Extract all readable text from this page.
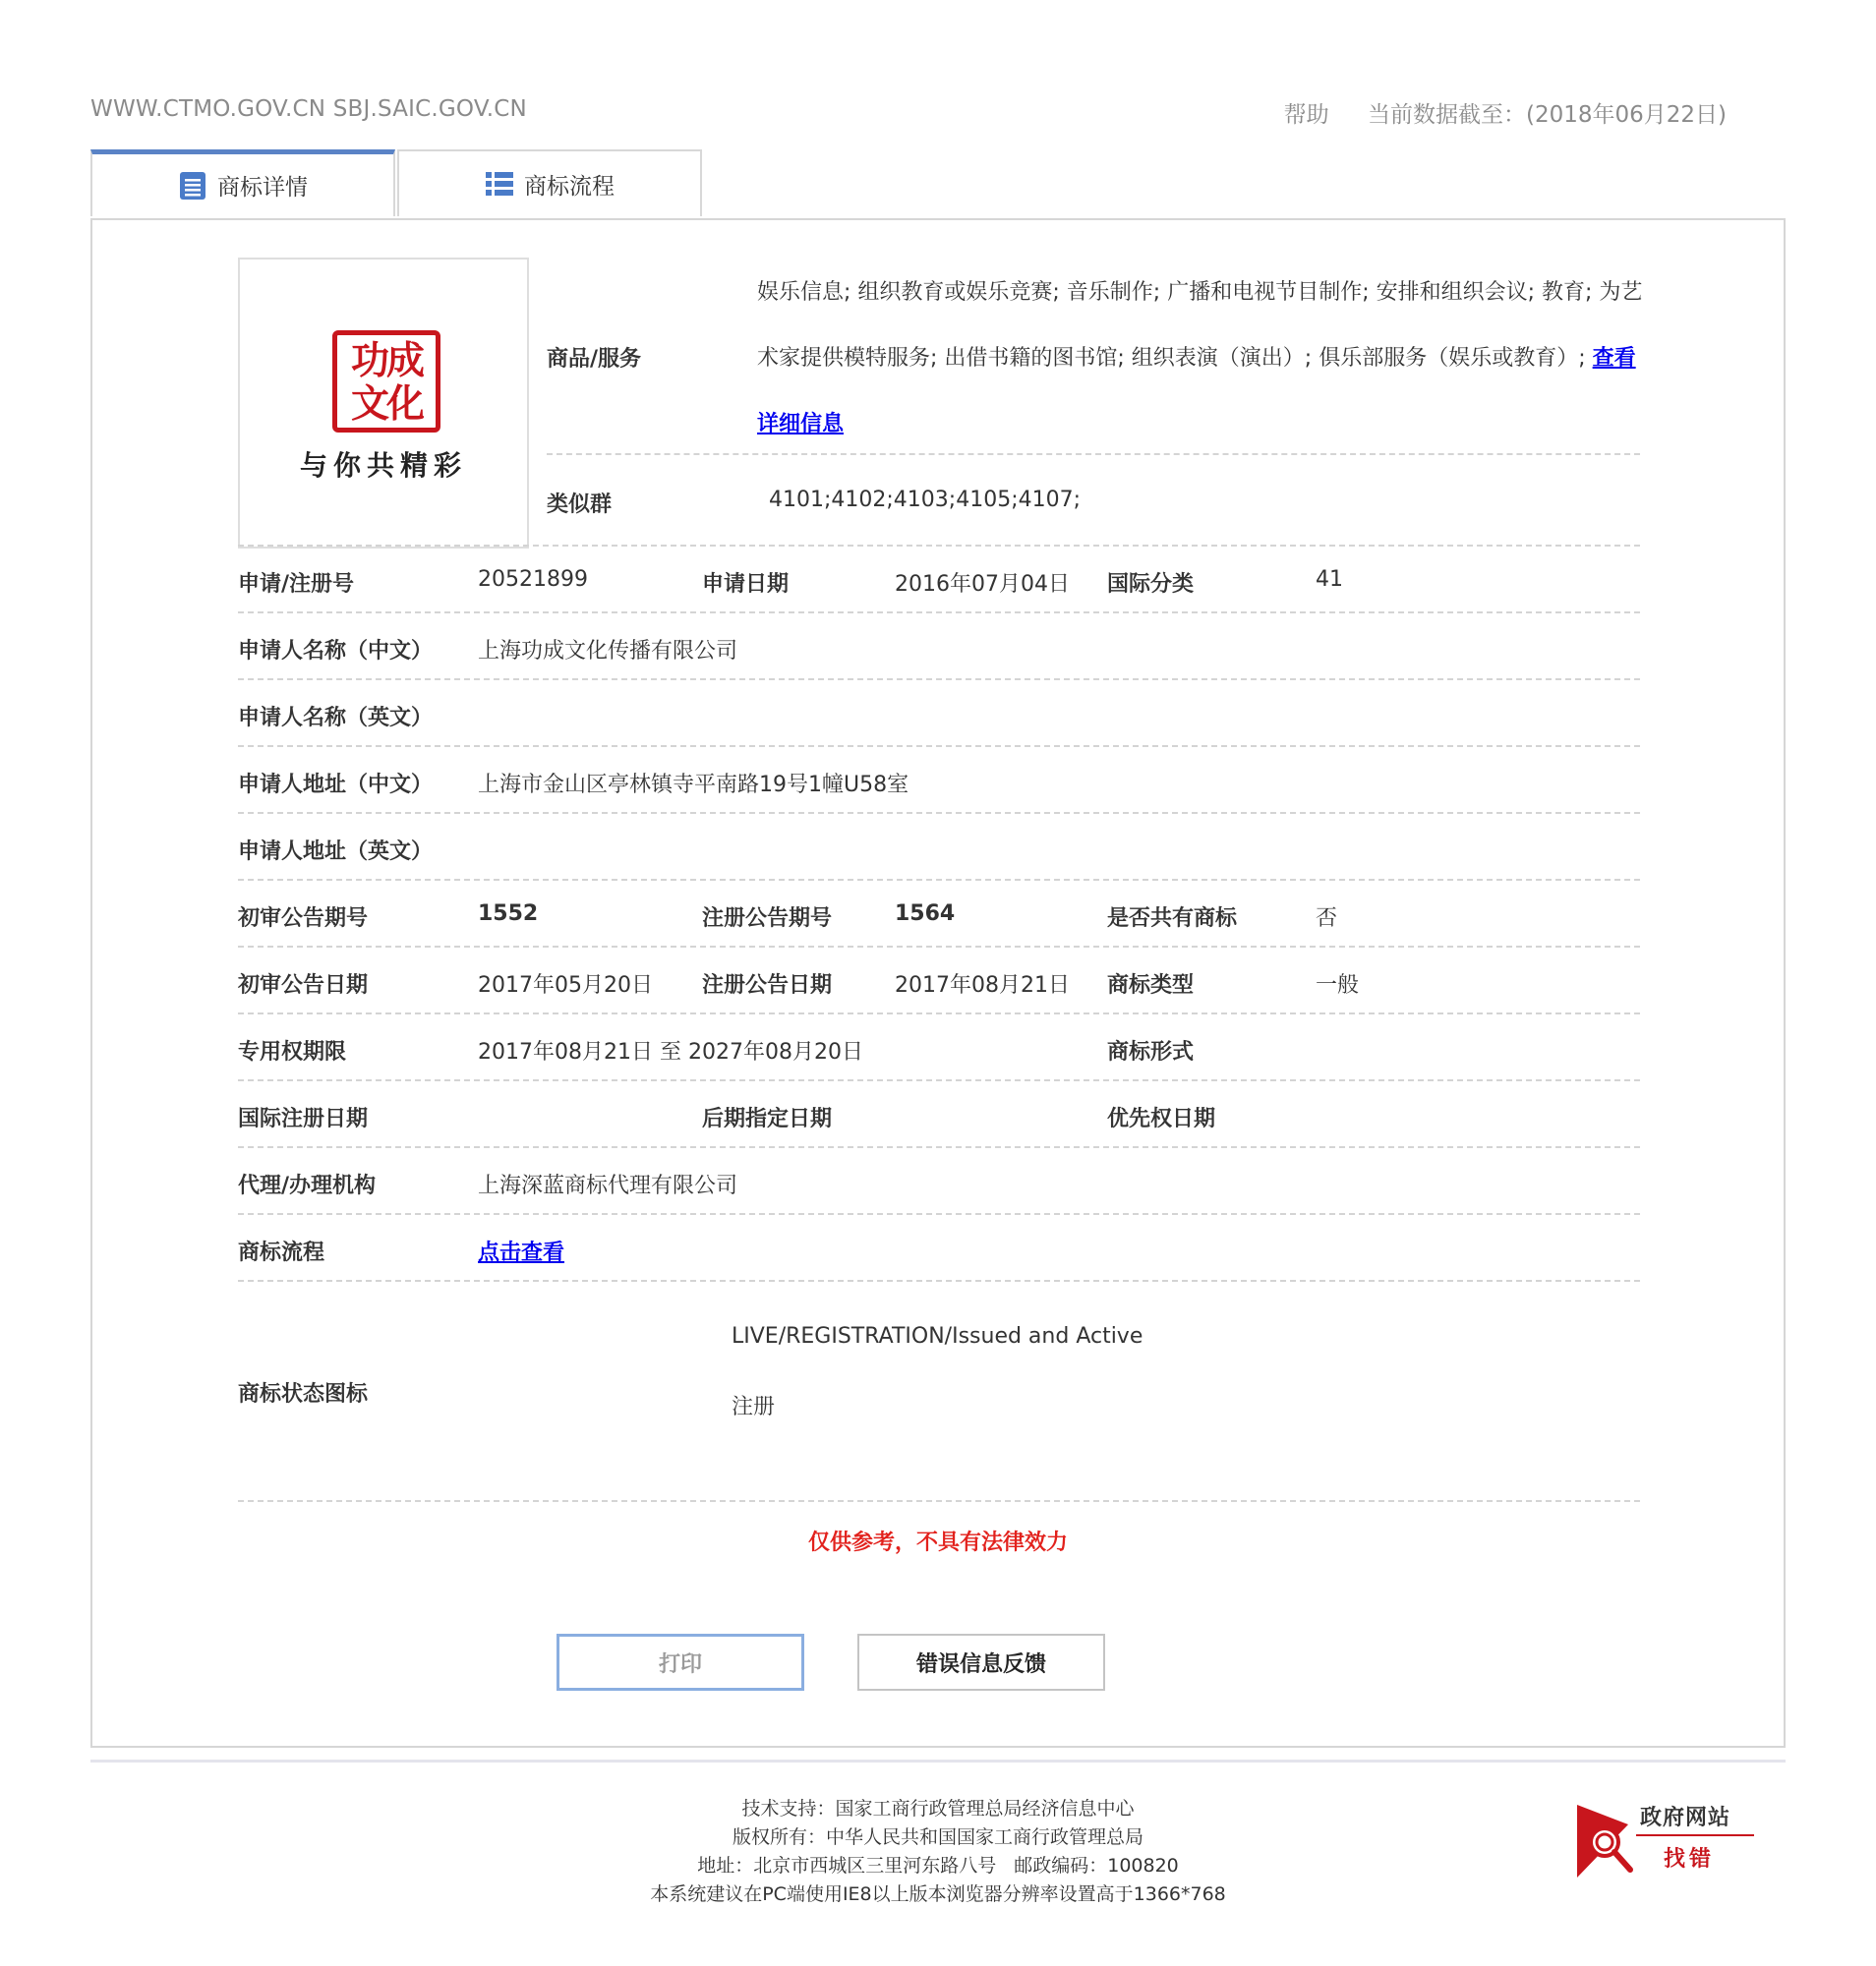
WWW.CTMO.GOV.CN SBJ.SAIC.GOV.CN	帮助 当前数据截至：(2018年06月22日)
商标详情	商标流程
功成
文化
与你共精彩
商品/服务
娱乐信息; 组织教育或娱乐竞赛; 音乐制作; 广播和电视节目制作; 安排和组织会议; 教育; 为艺术家提供模特服务; 出借书籍的图书馆; 组织表演（演出）; 俱乐部服务（娱乐或教育）; 查看详细信息
类似群	4101;4102;4103;4105;4107;
申请/注册号	20521899	申请日期	2016年07月04日 国际分类	41
申请人名称（中文） 上海功成文化传播有限公司
申请人名称（英文）
申请人地址（中文） 上海市金山区亭林镇寺平南路19号1幢U58室
申请人地址（英文）
初审公告期号	1552	注册公告期号	1564	是否共有商标	否
初审公告日期	2017年05月20日 注册公告日期	2017年08月21日 商标类型	一般
专用权期限	2017年08月21日 至 2027年08月20日	商标形式
国际注册日期	后期指定日期	优先权日期
代理/办理机构	上海深蓝商标代理有限公司
商标流程	点击查看
商标状态图标
LIVE/REGISTRATION/Issued and Active
注册
仅供参考，不具有法律效力
打印	错误信息反馈
技术支持：国家工商行政管理总局经济信息中心
版权所有：中华人民共和国国家工商行政管理总局
地址：北京市西城区三里河东路八号 邮政编码：100820
本系统建议在PC端使用IE8以上版本浏览器分辨率设置高于1366*768
政府网站
找错
